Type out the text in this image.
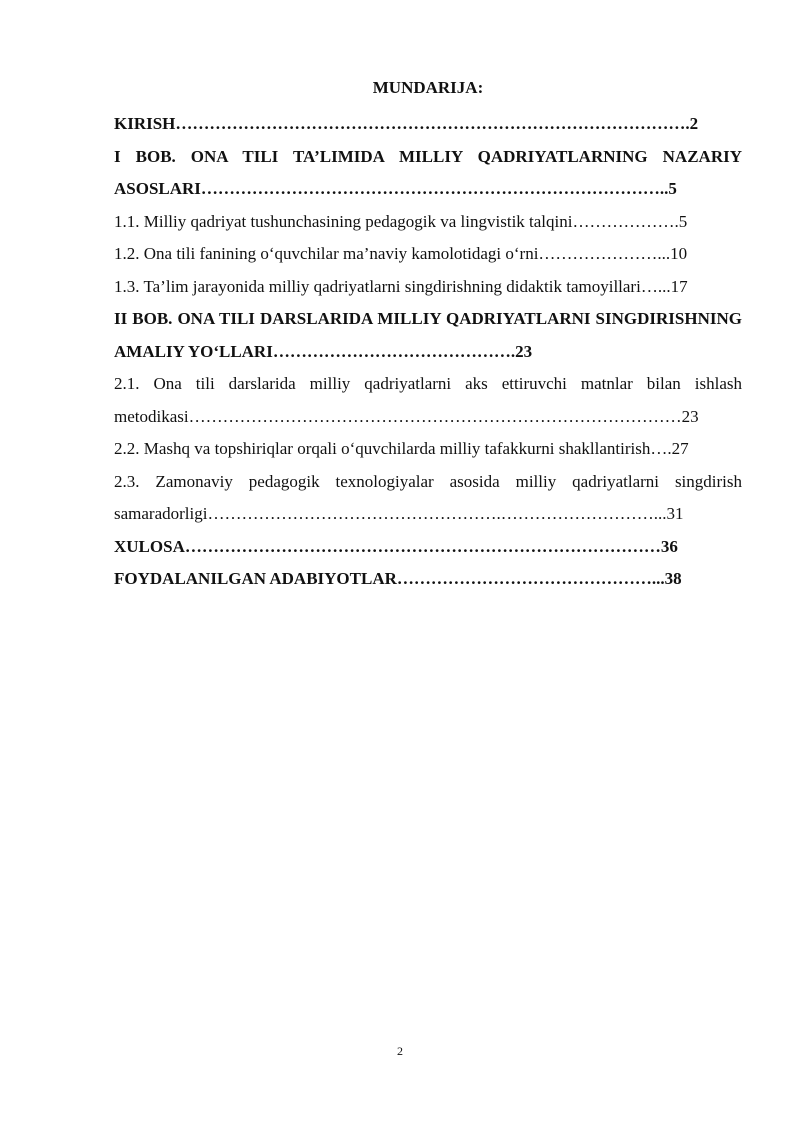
MUNDARIJA:

KIRISH……………………………………………………………………………….2

I BOB. ONA TILI TA’LIMIDA MILLIY QADRIYATLARNING NAZARIY ASOSLARI………………………………………………………………………..5

1.1. Milliy qadriyat tushunchasining pedagogik va lingvistik talqini……………….5

1.2. Ona tili fanining o‘quvchilar ma’naviy kamolotidagi o‘rni…………………...10

1.3. Ta’lim jarayonida milliy qadriyatlarni singdirishning didaktik tamoyillari…...17

II BOB. ONA TILI DARSLARIDA MILLIY QADRIYATLARNI SINGDIRISHNING AMALIY YO‘LLARI…………………………………….23

2.1. Ona tili darslarida milliy qadriyatlarni aks ettiruvchi matnlar bilan ishlash metodikasi……………………………………………………………………………23

2.2. Mashq va topshiriqlar orqali o‘quvchilarda milliy tafakkurni shakllantirish….27

2.3. Zamonaviy pedagogik texnologiyalar asosida milliy qadriyatlarni singdirish samaradorligi…………………………………………….………………………...31

XULOSA…………………………………………………………………………36

FOYDALANILGAN ADABIYOTLAR………………………………………...38

2
